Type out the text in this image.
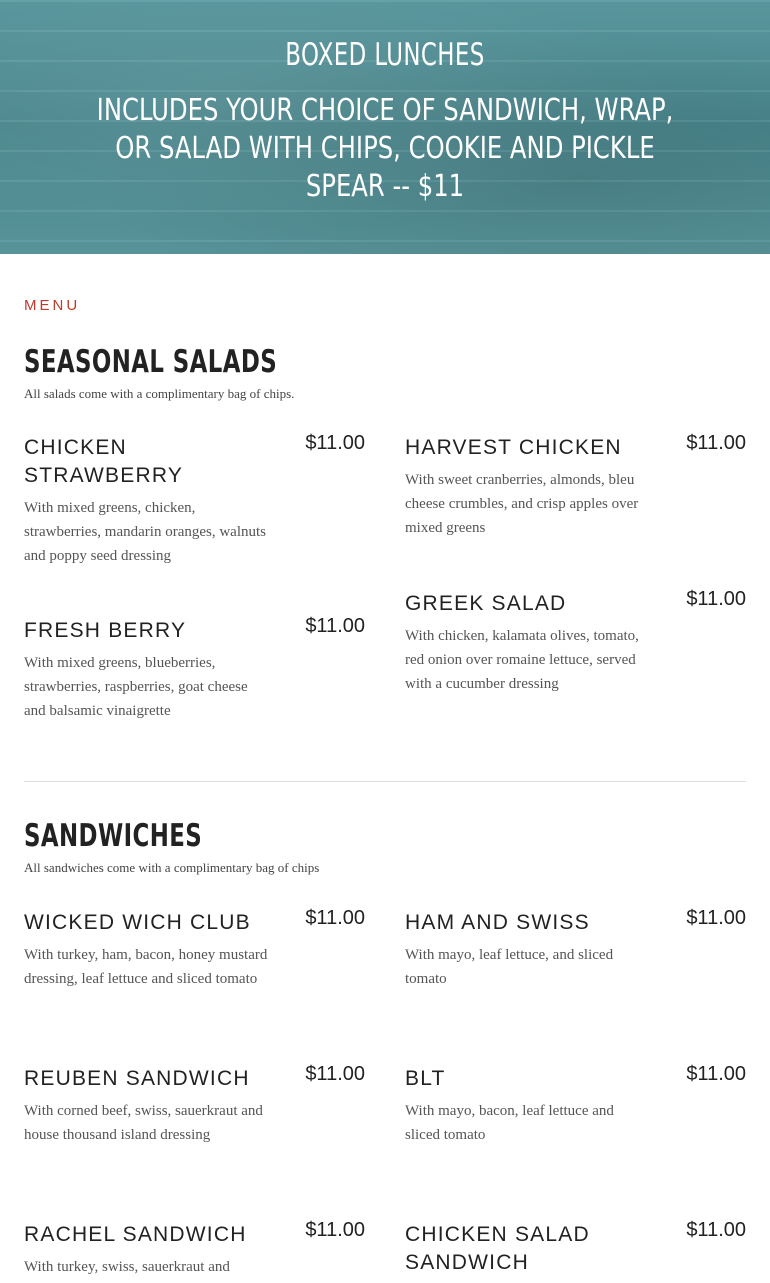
BOXED LUNCHES
INCLUDES YOUR CHOICE OF SANDWICH, WRAP, OR SALAD WITH CHIPS, COOKIE AND PICKLE SPEAR -- $11
MENU
SEASONAL SALADS
All salads come with a complimentary bag of chips.
CHICKEN STRAWBERRY
$11.00
With mixed greens, chicken, strawberries, mandarin oranges, walnuts and poppy seed dressing
HARVEST CHICKEN	$11.00
With sweet cranberries, almonds, bleu cheese crumbles, and crisp apples over mixed greens
FRESH BERRY	$11.00
With mixed greens, blueberries, strawberries, raspberries, goat cheese and balsamic vinaigrette
GREEK SALAD	$11.00
With chicken, kalamata olives, tomato, red onion over romaine lettuce, served with a cucumber dressing
SANDWICHES
All sandwiches come with a complimentary bag of chips
WICKED WICH CLUB	$11.00
With turkey, ham, bacon, honey mustard dressing, leaf lettuce and sliced tomato
HAM AND SWISS	$11.00
With mayo, leaf lettuce, and sliced tomato
REUBEN SANDWICH	$11.00
With corned beef, swiss, sauerkraut and house thousand island dressing
BLT	$11.00
With mayo, bacon, leaf lettuce and sliced tomato
RACHEL SANDWICH	$11.00
With turkey, swiss, sauerkraut and
CHICKEN SALAD SANDWICH
$11.00
